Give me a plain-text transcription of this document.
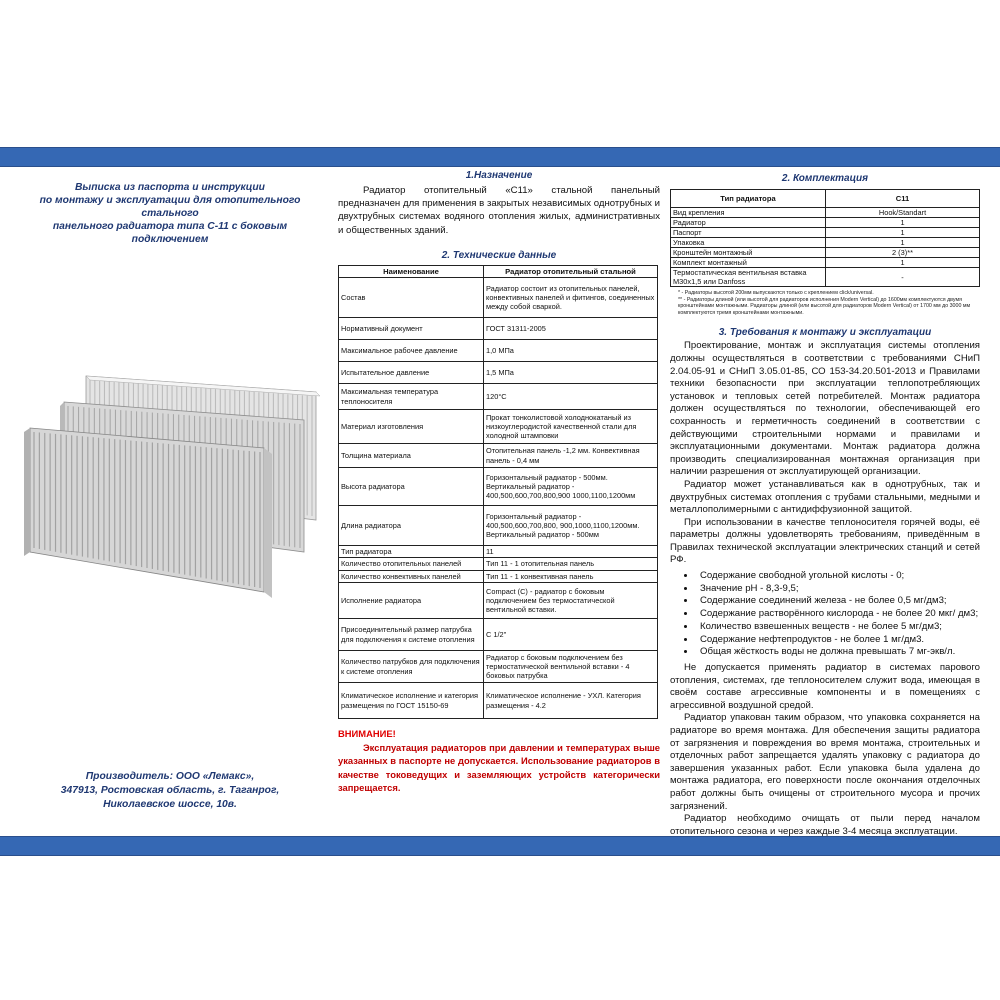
Выписка из паспорта и инструкции
по монтажу и эксплуатации для отопительного стального
панельного радиатора типа С-11 с боковым подключением
Производитель: ООО «Лемакс»,
347913, Ростовская область, г. Таганрог,
Николаевское шоссе, 10в.
1.Назначение

Радиатор отопительный «С11» стальной панельный предназначен для применения в закрытых независимых однотрубных и двухтрубных системах водяного отопления жилых, административных и общественных зданий.

2. Технические данные
Наименование	Радиатор отопительный стальной
Состав	Радиатор состоит из отопительных панелей, конвективных панелей и фитингов, соединенных между собой сваркой.
Нормативный документ	ГОСТ 31311-2005
Максимальное рабочее давление	1,0 МПа
Испытательное давление	1,5 МПа
Максимальная температура теплоносителя	120°С
Материал изготовления	Прокат тонколистовой холоднокатаный из низкоуглеродистой качественной стали для холодной штамповки
Толщина материала	Отопительная панель -1,2 мм. Конвективная панель - 0,4 мм
Высота радиатора	Горизонтальный радиатор - 500мм. Вертикальный радиатор - 400,500,600,700,800,900 1000,1100,1200мм
Длина радиатора	Горизонтальный радиатор - 400,500,600,700,800, 900,1000,1100,1200мм. Вертикальный радиатор - 500мм
Тип радиатора	11
Количество отопительных панелей	Тип 11 - 1 отопительная панель
Количество конвективных панелей	Тип 11 - 1 конвективная панель
Исполнение радиатора	Compact (C) - радиатор с боковым подключением без термостатической вентильной вставки.
Присоединительный размер патрубка для подключения к системе отопления	С 1/2"
Количество патрубков для подключения к системе отопления	Радиатор с боковым подключением без термостатической вентильной вставки - 4 боковых патрубка
Климатическое исполнение и категория размещения по ГОСТ 15150-69	Климатическое исполнение - УХЛ. Категория размещения - 4.2
ВНИМАНИЕ!

Эксплуатация радиаторов при давлении и температурах выше указанных в паспорте не допускается. Использование радиаторов в качестве токоведущих и заземляющих устройств категорически запрещается.

2. Комплектация
Тип радиатора	С11
Вид крепления	Hook/Standart
Радиатор	1
Паспорт	1
Упаковка	1
Кронштейн монтажный	2 (3)**
Комплект монтажный	1
Термостатическая вентильная вставка М30х1,5 или Danfoss	-
* - Радиаторы высотой 200мм выпускаются только с креплением click/universal.
** - Радиаторы длиной (или высотой для радиаторов исполнения Modern Vertical) до 1600мм комплектуются двумя кронштейнами монтажными. Радиаторы длиной (или высотой для радиаторов Modern Vertical) от 1700 мм до 3000 мм комплектуются тремя кронштейнами монтажными.
3. Требования к монтажу и эксплуатации

Проектирование, монтаж и эксплуатация системы отопления должны осуществляться в соответствии с требованиями СНиП 2.04.05-91 и СНиП 3.05.01-85, СО 153-34.20.501-2013 и Правилами техники безопасности при эксплуатации теплопотребляющих установок и тепловых сетей потребителей. Монтаж радиатора должен осуществляться по технологии, обеспечивающей его сохранность и герметичность соединений в соответствии с действующими строительными нормами и правилами и эксплуатационными документами. Монтаж радиатора должна производить специализированная монтажная организация при наличии разрешения от эксплуатирующей организации.

Радиатор может устанавливаться как в однотрубных, так и двухтрубных системах отопления с трубами стальными, медными и металлополимерными с антидиффузионной защитой.

При использовании в качестве теплоносителя горячей воды, её параметры должны удовлетворять требованиям, приведённым в Правилах технической эксплуатации электрических станций и сетей РФ.

• Содержание свободной угольной кислоты - 0;
• Значение pH - 8,3-9,5;
• Содержание соединений железа - не более 0,5 мг/дм3;
• Содержание растворённого кислорода - не более 20 мкг/ дм3;
• Количество взвешенных веществ - не более 5 мг/дм3;
• Содержание нефтепродуктов - не более 1 мг/дм3.
• Общая жёсткость воды не должна превышать 7 мг-экв/л.

Не допускается применять радиатор в системах парового отопления, системах, где теплоносителем служит вода, имеющая в своём составе агрессивные компоненты и в помещениях с агрессивной воздушной средой.

Радиатор упакован таким образом, что упаковка сохраняется на радиаторе во время монтажа. Для обеспечения защиты радиатора от загрязнения и повреждения во время монтажа, строительных и отделочных работ запрещается удалять упаковку с радиатора до завершения указанных работ. Если упаковка была удалена до монтажа радиатора, его поверхности после окончания отделочных работ должны быть очищены от строительного мусора и прочих загрязнений.

Радиатор необходимо очищать от пыли перед началом отопительного сезона и через каждые 3-4 месяца эксплуатации.
